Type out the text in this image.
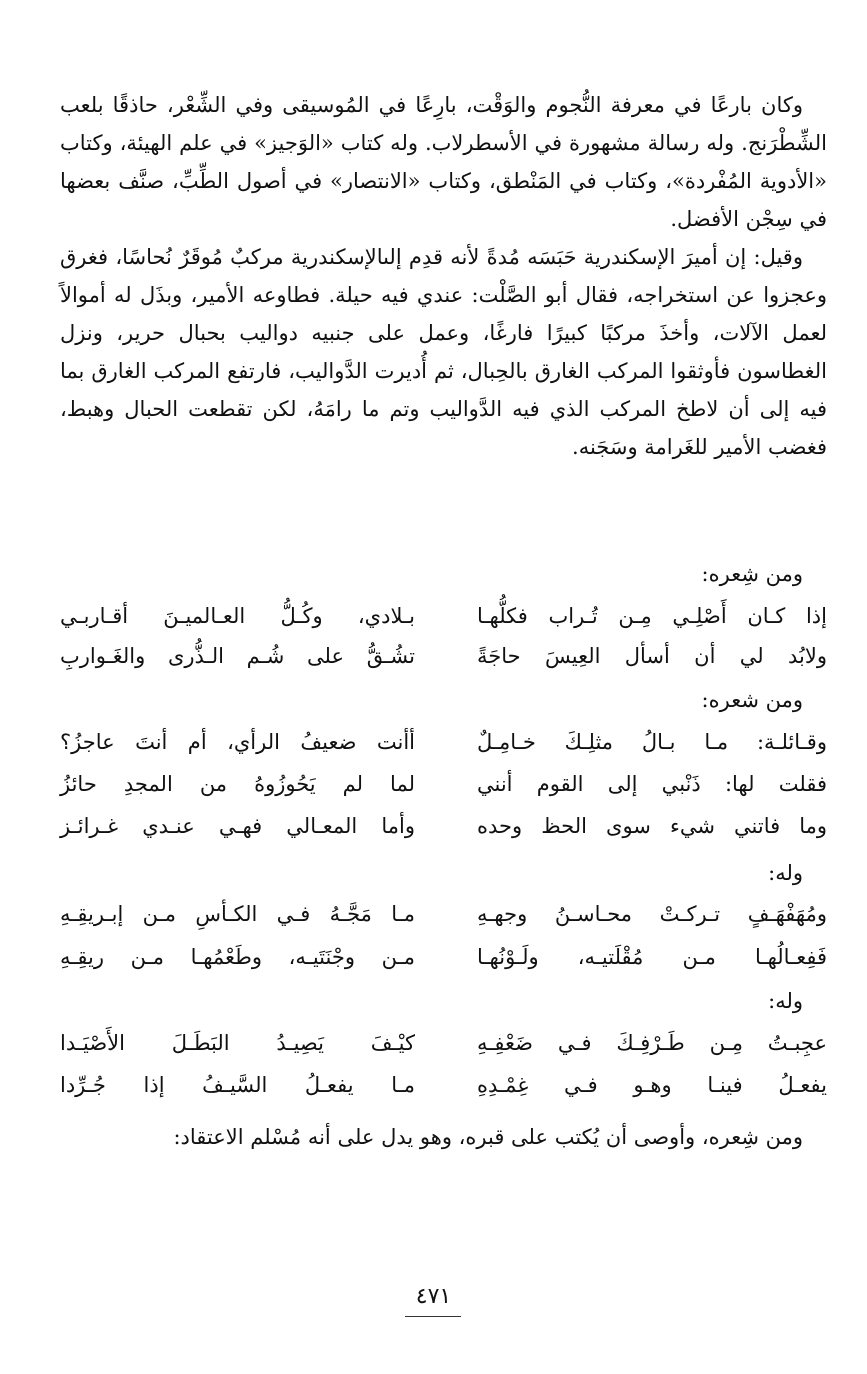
وكان بارعًا في معرفة النُّجوم والوَقْت، بارِعًا في المُوسيقى وفي الشِّعْر، حاذقًا بلعب الشِّطْرَنج. وله رسالة مشهورة في الأسطرلاب. وله كتاب «الوَجيز» في علم الهيئة، وكتاب «الأدوية المُفْردة»، وكتاب في المَنْطق، وكتاب «الانتصار» في أصول الطِّبِّ، صنَّف بعضها في سِجْن الأفضل.

وقيل: إن أميرَ الإسكندرية حَبَسَه مُدةً لأنه قدِم إلىالإسكندرية مركبٌ مُوقَرٌ نُحاسًا، فغرق وعجزوا عن استخراجه، فقال أبو الصَّلْت: عندي فيه حيلة. فطاوعه الأمير، وبذَل له أموالاً لعمل الآلات، وأخذَ مركبًا كبيرًا فارغًا، وعمل على جنبيه دواليب بحبال حرير، ونزل الغطاسون فأوثقوا المركب الغارق بالحِبال، ثم أُديرت الدَّواليب، فارتفع المركب الغارق بما فيه إلى أن لاطخ المركب الذي فيه الدَّواليب وتم ما رامَهُ، لكن تقطعت الحبال وهبط، فغضب الأمير للغَرامة وسَجَنه.

ومن شِعره:
إذا كـان أَصْلِـي مِـن تُـراب فكلُّهـا
بـلادي، وكُـلُّ العـالميـنَ أقـاربـي
ولابُد لي أن أسأل العِيسَ حاجَةً
تشُـقُّ على شُـم الـذُّرى والغَـواربِ
ومن شعره:
وقـائلـة: مـا بـالُ مثلِـكَ خـامِـلٌ
أأنت ضعيفُ الرأي، أم أنتَ عاجزُ؟
فقلت لها: ذَنْبي إلى القوم أنني
لما لم يَحُوزُوهُ من المجدِ حائزُ
وما فاتني شيء سوى الحظ وحده
وأما المعـالي فهـي عنـدي غـرائـز
وله:
ومُهَفْهَـفٍ تـركـتْ محـاسـنُ وجهـهِ
مـا مَجَّـهُ فـي الكـأسِ مـن إبـريقِـهِ
فَفِعـالُهـا مـن مُقْلَتيـه، ولَـوْنُهـا
مـن وجْنَتَيـه، وطَعْمُهـا مـن ريقِـهِ
وله:
عجِبـتُ مِـن طَـرْفِـكَ فـي ضَعْفِـهِ
كيْـفَ يَصِيـدُ البَطَـلَ الأَصْيَـدا
يفعـلُ فينـا وهـو فـي غِمْـدِهِ
مـا يفعـلُ السَّيـفُ إذا جُـرِّدا

ومن شِعره، وأوصى أن يُكتب على قبره، وهو يدل على أنه مُسْلم الاعتقاد:

٤٧١
